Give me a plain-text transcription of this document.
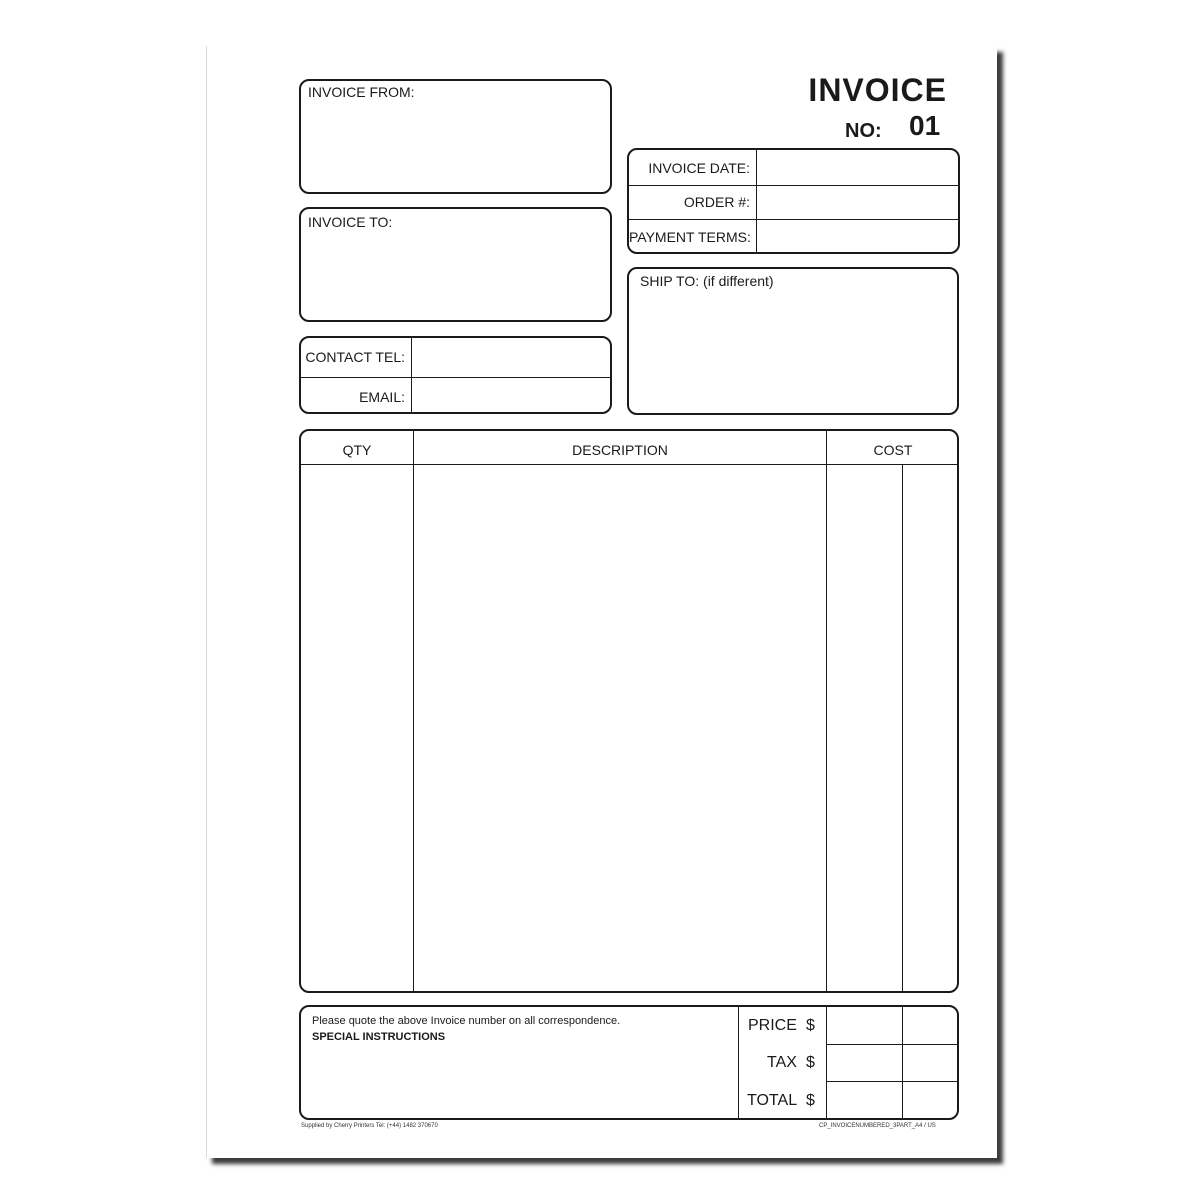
INVOICE
NO: 01
INVOICE FROM:
INVOICE TO:
CONTACT TEL:
EMAIL:
INVOICE DATE:
ORDER #:
PAYMENT TERMS:
SHIP TO: (if different)
QTY	DESCRIPTION	COST
Please quote the above Invoice number on all correspondence.
SPECIAL INSTRUCTIONS
PRICE $
TAX $
TOTAL $
Supplied by Cherry Printers Tel: (+44) 1482 370670	CP_INVOICENUMBERED_3PART_A4 / US
